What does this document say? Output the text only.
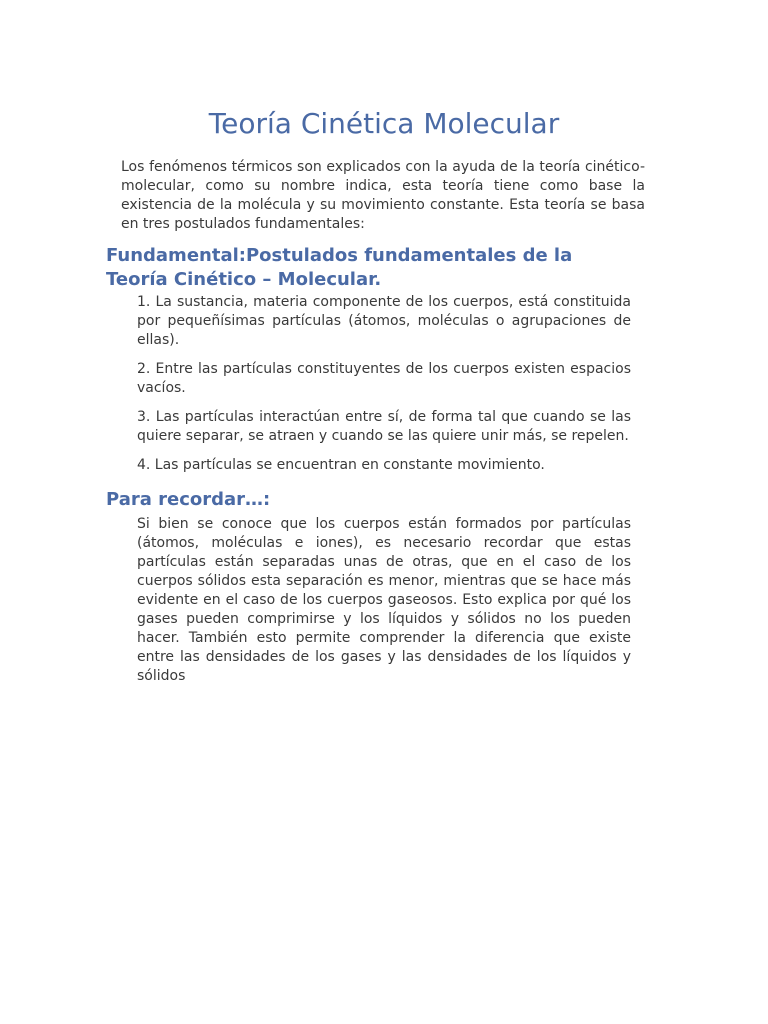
Teoría Cinética Molecular

Los fenómenos térmicos son explicados con la ayuda de la teoría cinético-molecular, como su nombre indica, esta teoría tiene como base la existencia de la molécula y su movimiento constante. Esta teoría se basa en tres postulados fundamentales:

Fundamental:Postulados fundamentales de la Teoría Cinético – Molecular.
1. La sustancia, materia componente de los cuerpos, está constituida por pequeñísimas partículas (átomos, moléculas o agrupaciones de ellas).
2. Entre las partículas constituyentes de los cuerpos existen espacios vacíos.
3. Las partículas interactúan entre sí, de forma tal que cuando se las quiere separar, se atraen y cuando se las quiere unir más, se repelen.
4. Las partículas se encuentran en constante movimiento.
Para recordar…:

Si bien se conoce que los cuerpos están formados por partículas (átomos, moléculas e iones), es necesario recordar que estas partículas están separadas unas de otras, que en el caso de los cuerpos sólidos esta separación es menor, mientras que se hace más evidente en el caso de los cuerpos gaseosos. Esto explica por qué los gases pueden comprimirse y los líquidos y sólidos no los pueden hacer. También esto permite comprender la diferencia que existe entre las densidades de los gases y las densidades de los líquidos y sólidos
